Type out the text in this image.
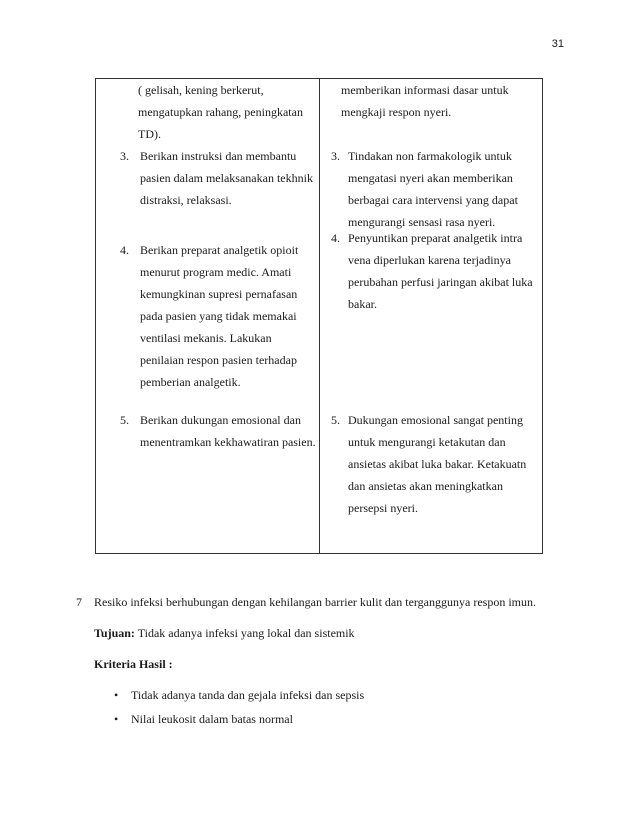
31
( gelisah, kening berkerut, mengatupkan rahang, peningkatan TD).
memberikan informasi dasar untuk mengkaji respon nyeri.
3. Berikan instruksi dan membantu pasien dalam melaksanakan tekhnik distraksi, relaksasi.
4. Berikan preparat analgetik opioit menurut program medic. Amati kemungkinan supresi pernafasan pada pasien yang tidak memakai ventilasi mekanis. Lakukan penilaian respon pasien terhadap pemberian analgetik.
5. Berikan dukungan emosional dan menentramkan kekhawatiran pasien.
3. Tindakan non farmakologik untuk mengatasi nyeri akan memberikan berbagai cara intervensi yang dapat mengurangi sensasi rasa nyeri.
4. Penyuntikan preparat analgetik intra vena diperlukan karena terjadinya perubahan perfusi jaringan akibat luka bakar.
5. Dukungan emosional sangat penting untuk mengurangi ketakutan dan ansietas akibat luka bakar. Ketakuatn dan ansietas akan meningkatkan persepsi nyeri.
7 Resiko infeksi berhubungan dengan kehilangan barrier kulit dan terganggunya respon imun.
Tujuan: Tidak adanya infeksi yang lokal dan sistemik
Kriteria Hasil :
• Tidak adanya tanda dan gejala infeksi dan sepsis
• Nilai leukosit dalam batas normal
